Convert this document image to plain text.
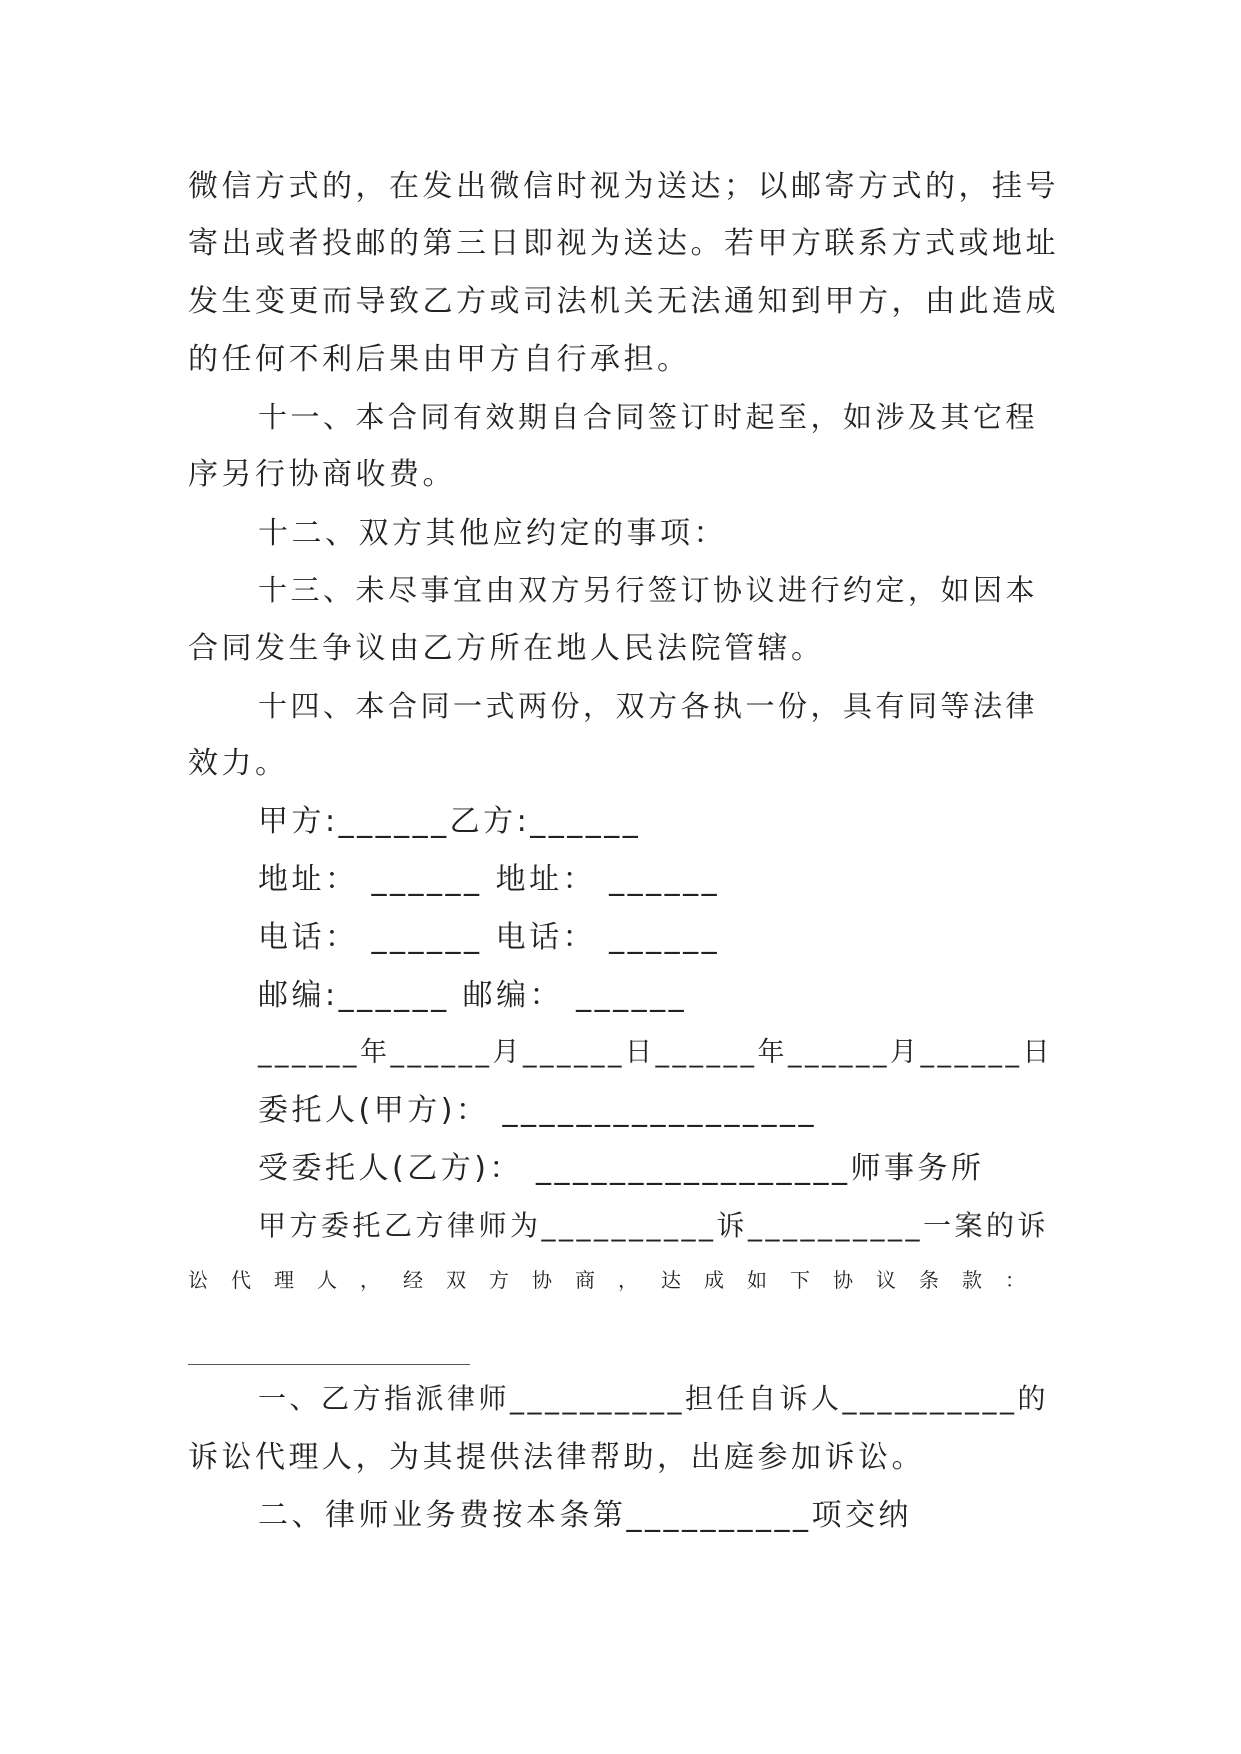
微信方式的，在发出微信时视为送达；以邮寄方式的，挂号
寄出或者投邮的第三日即视为送达。若甲方联系方式或地址
发生变更而导致乙方或司法机关无法通知到甲方，由此造成
的任何不利后果由甲方自行承担。
十一、本合同有效期自合同签订时起至，如涉及其它程
序另行协商收费。
十二、双方其他应约定的事项：
十三、未尽事宜由双方另行签订协议进行约定，如因本
合同发生争议由乙方所在地人民法院管辖。
十四、本合同一式两份，双方各执一份，具有同等法律
效力。
甲方:______乙方:______
地址： ______ 地址： ______
电话： ______ 电话： ______
邮编:______ 邮编： ______
______年______月______日______年______月______日
委托人(甲方)： _________________
受委托人(乙方)： _________________师事务所
甲方委托乙方律师为__________诉__________一案的诉
讼代理人，经双方协商，达成如下协议条款：
一、乙方指派律师__________担任自诉人__________的
诉讼代理人，为其提供法律帮助，出庭参加诉讼。
二、律师业务费按本条第__________项交纳
